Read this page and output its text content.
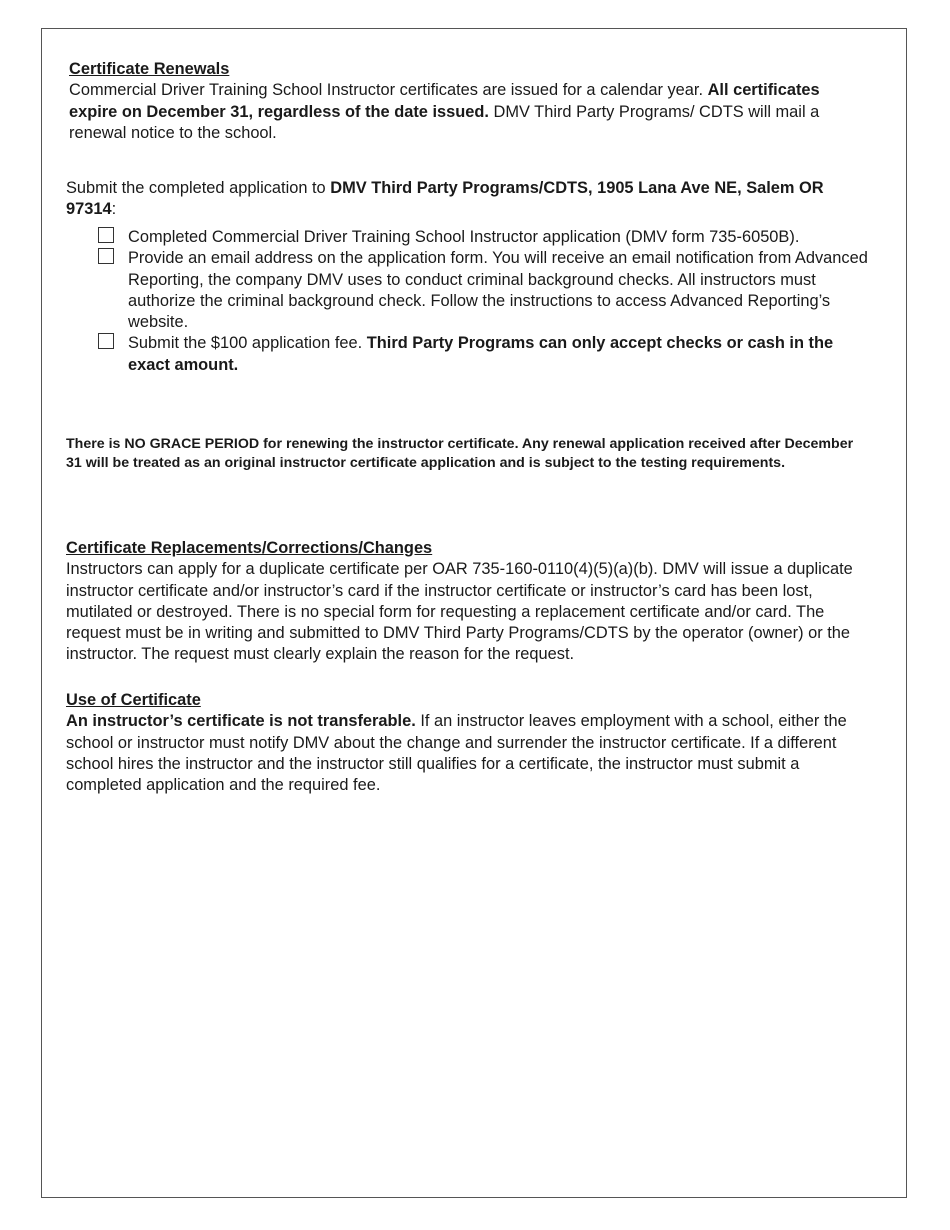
Certificate Renewals
Commercial Driver Training School Instructor certificates are issued for a calendar year. All certificates expire on December 31, regardless of the date issued. DMV Third Party Programs/ CDTS will mail a renewal notice to the school.
Submit the completed application to DMV Third Party Programs/CDTS, 1905 Lana Ave NE, Salem OR 97314:
Completed Commercial Driver Training School Instructor application (DMV form 735-6050B).
Provide an email address on the application form. You will receive an email notification from Advanced Reporting, the company DMV uses to conduct criminal background checks. All instructors must authorize the criminal background check. Follow the instructions to access Advanced Reporting’s website.
Submit the $100 application fee. Third Party Programs can only accept checks or cash in the exact amount.
There is NO GRACE PERIOD for renewing the instructor certificate. Any renewal application received after December 31 will be treated as an original instructor certificate application and is subject to the testing requirements.
Certificate Replacements/Corrections/Changes
Instructors can apply for a duplicate certificate per OAR 735-160-0110(4)(5)(a)(b). DMV will issue a duplicate instructor certificate and/or instructor’s card if the instructor certificate or instructor’s card has been lost, mutilated or destroyed. There is no special form for requesting a replacement certificate and/or card. The request must be in writing and submitted to DMV Third Party Programs/CDTS by the operator (owner) or the instructor. The request must clearly explain the reason for the request.
Use of Certificate
An instructor’s certificate is not transferable. If an instructor leaves employment with a school, either the school or instructor must notify DMV about the change and surrender the instructor certificate. If a different school hires the instructor and the instructor still qualifies for a certificate, the instructor must submit a completed application and the required fee.
